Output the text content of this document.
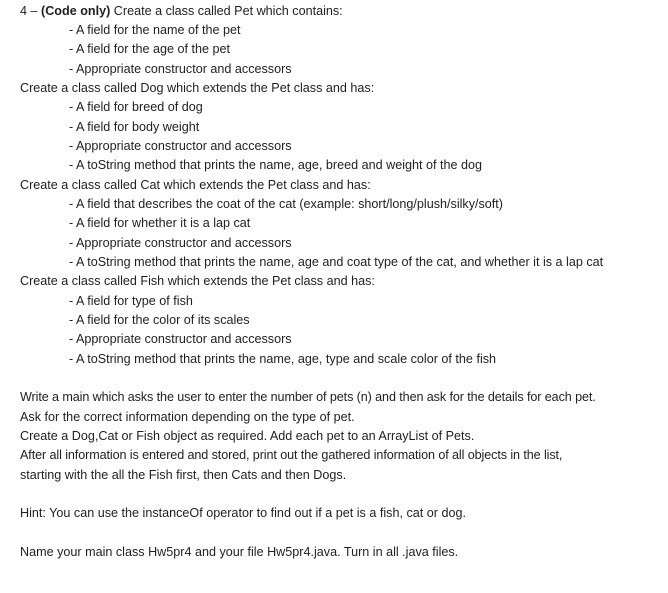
4 – (Code only) Create a class called Pet which contains:
- A field for the name of the pet
- A field for the age of the pet
- Appropriate constructor and accessors
Create a class called Dog which extends the Pet class and has:
- A field for breed of dog
- A field for body weight
- Appropriate constructor and accessors
- A toString method that prints the name, age, breed and weight of the dog
Create a class called Cat which extends the Pet class and has:
- A field that describes the coat of the cat (example: short/long/plush/silky/soft)
- A field for whether it is a lap cat
- Appropriate constructor and accessors
- A toString method that prints the name, age and coat type of the cat, and whether it is a lap cat
Create a class called Fish which extends the Pet class and has:
- A field for type of fish
- A field for the color of its scales
- Appropriate constructor and accessors
- A toString method that prints the name, age, type and scale color of the fish
Write a main which asks the user to enter the number of pets (n) and then ask for the details for each pet.
Ask for the correct information depending on the type of pet.
Create a Dog,Cat or Fish object as required. Add each pet to an ArrayList of Pets.
After all information is entered and stored, print out the gathered information of all objects in the list,
starting with the all the Fish first, then Cats and then Dogs.
Hint: You can use the instanceOf operator to find out if a pet is a fish, cat or dog.
Name your main class Hw5pr4 and your file Hw5pr4.java. Turn in all .java files.
